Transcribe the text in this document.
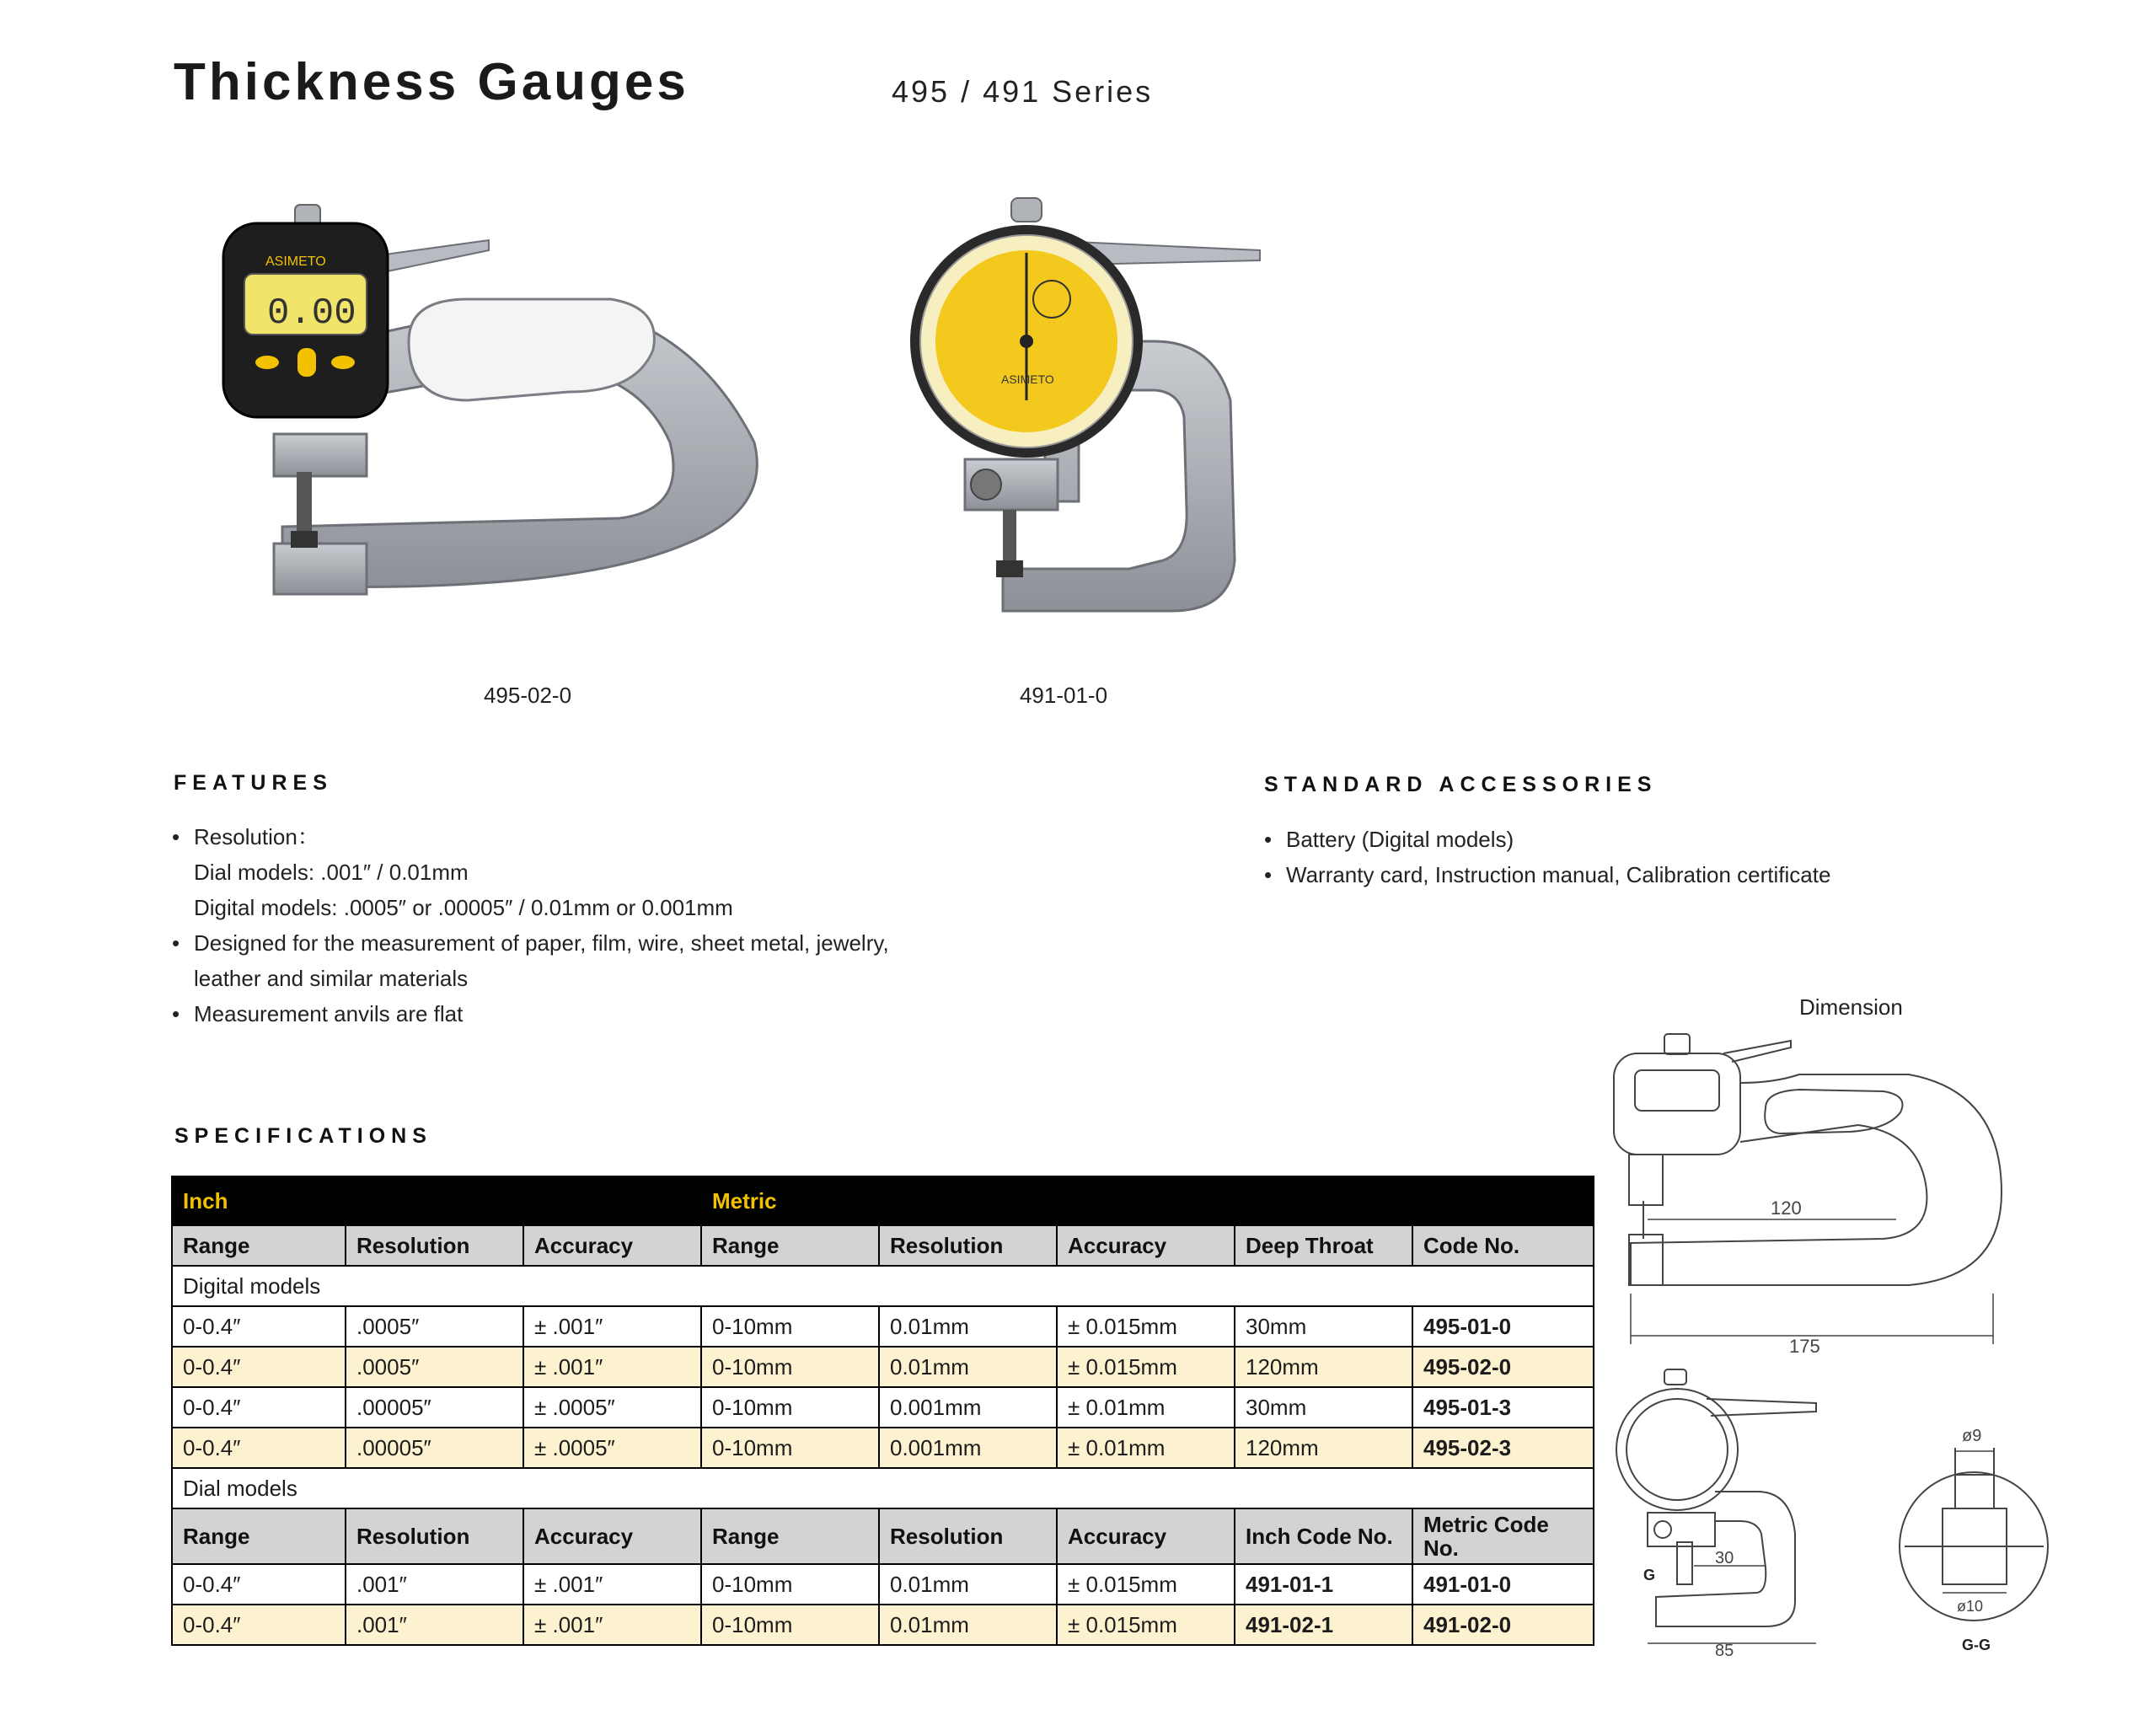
Thickness Gauges	495 / 491 Series
ASIMETO
0.00
495-02-0
ASIMETO
491-01-0
FEATURES
• Resolution：
Dial models: .001″ / 0.01mm
Digital models: .0005″ or .00005″ / 0.01mm or 0.001mm
• Designed for the measurement of paper, film, wire, sheet metal, jewelry,
leather and similar materials
• Measurement anvils are flat
STANDARD ACCESSORIES
• Battery (Digital models)
• Warranty card, Instruction manual, Calibration certificate
SPECIFICATIONS
Inch			Metric				
Range	Resolution	Accuracy	Range	Resolution	Accuracy	Deep Throat	Code No.
Digital models							
0-0.4″	.0005″	± .001″	0-10mm	0.01mm	± 0.015mm	30mm	495-01-0
0-0.4″	.0005″	± .001″	0-10mm	0.01mm	± 0.015mm	120mm	495-02-0
0-0.4″	.00005″	± .0005″	0-10mm	0.001mm	± 0.01mm	30mm	495-01-3
0-0.4″	.00005″	± .0005″	0-10mm	0.001mm	± 0.01mm	120mm	495-02-3
Dial models							
Range	Resolution	Accuracy	Range	Resolution	Accuracy	Inch Code No.	Metric Code No.
0-0.4″	.001″	± .001″	0-10mm	0.01mm	± 0.015mm	491-01-1	491-01-0
0-0.4″	.001″	± .001″	0-10mm	0.01mm	± 0.015mm	491-02-1	491-02-0
Dimension
120
175
30
85
G
ø9
ø10
G-G
